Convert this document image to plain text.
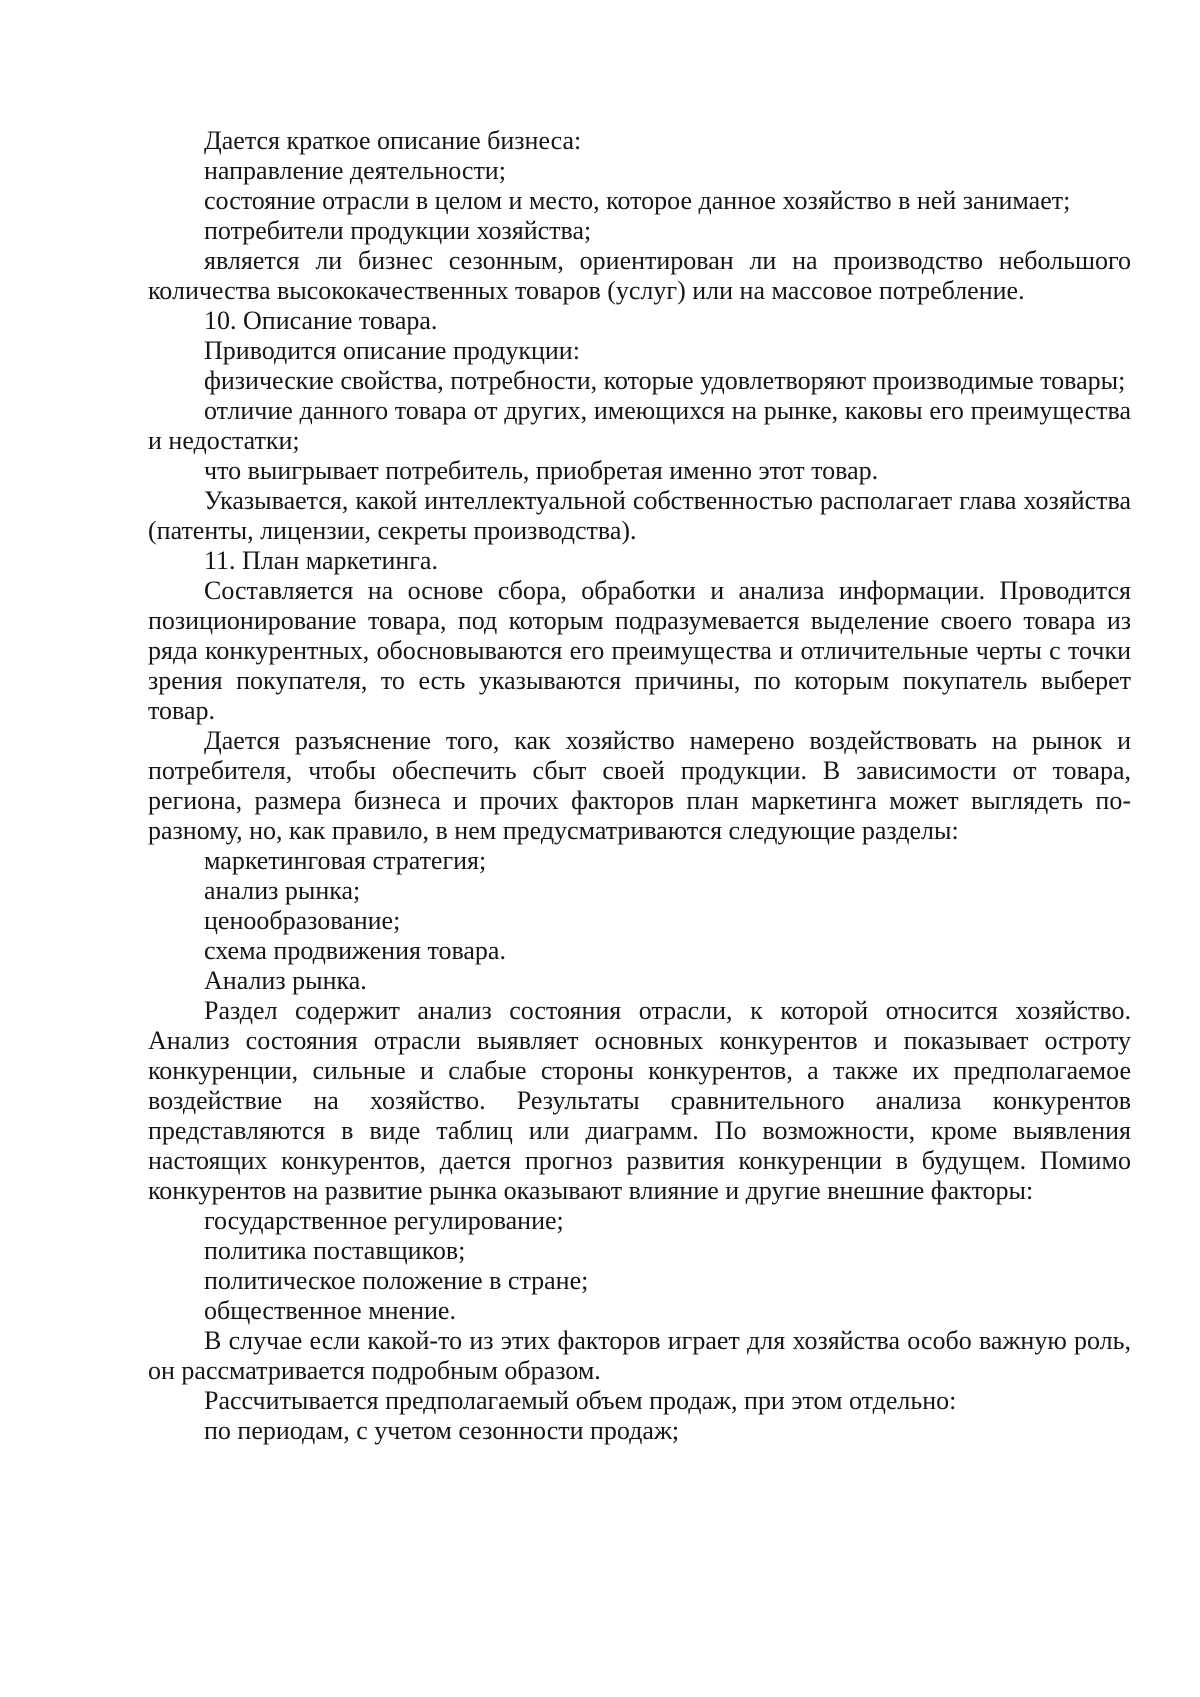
Дается краткое описание бизнеса:

направление деятельности;

состояние отрасли в целом и место, которое данное хозяйство в ней занимает;

потребители продукции хозяйства;

является ли бизнес сезонным, ориентирован ли на производство небольшого количества высококачественных товаров (услуг) или на массовое потребление.

10. Описание товара.

Приводится описание продукции:

физические свойства, потребности, которые удовлетворяют производимые товары;

отличие данного товара от других, имеющихся на рынке, каковы его преимущества и недостатки;

что выигрывает потребитель, приобретая именно этот товар.

Указывается, какой интеллектуальной собственностью располагает глава хозяйства (патенты, лицензии, секреты производства).

11. План маркетинга.

Составляется на основе сбора, обработки и анализа информации. Проводится позиционирование товара, под которым подразумевается выделение своего товара из ряда конкурентных, обосновываются его преимущества и отличительные черты с точки зрения покупателя, то есть указываются причины, по которым покупатель выберет товар.

Дается разъяснение того, как хозяйство намерено воздействовать на рынок и потребителя, чтобы обеспечить сбыт своей продукции. В зависимости от товара, региона, размера бизнеса и прочих факторов план маркетинга может выглядеть по-разному, но, как правило, в нем предусматриваются следующие разделы:

маркетинговая стратегия;

анализ рынка;

ценообразование;

схема продвижения товара.

Анализ рынка.

Раздел содержит анализ состояния отрасли, к которой относится хозяйство. Анализ состояния отрасли выявляет основных конкурентов и показывает остроту конкуренции, сильные и слабые стороны конкурентов, а также их предполагаемое воздействие на хозяйство. Результаты сравнительного анализа конкурентов представляются в виде таблиц или диаграмм. По возможности, кроме выявления настоящих конкурентов, дается прогноз развития конкуренции в будущем. Помимо конкурентов на развитие рынка оказывают влияние и другие внешние факторы:

государственное регулирование;

политика поставщиков;

политическое положение в стране;

общественное мнение.

В случае если какой-то из этих факторов играет для хозяйства особо важную роль, он рассматривается подробным образом.

Рассчитывается предполагаемый объем продаж, при этом отдельно:

по периодам, с учетом сезонности продаж;
